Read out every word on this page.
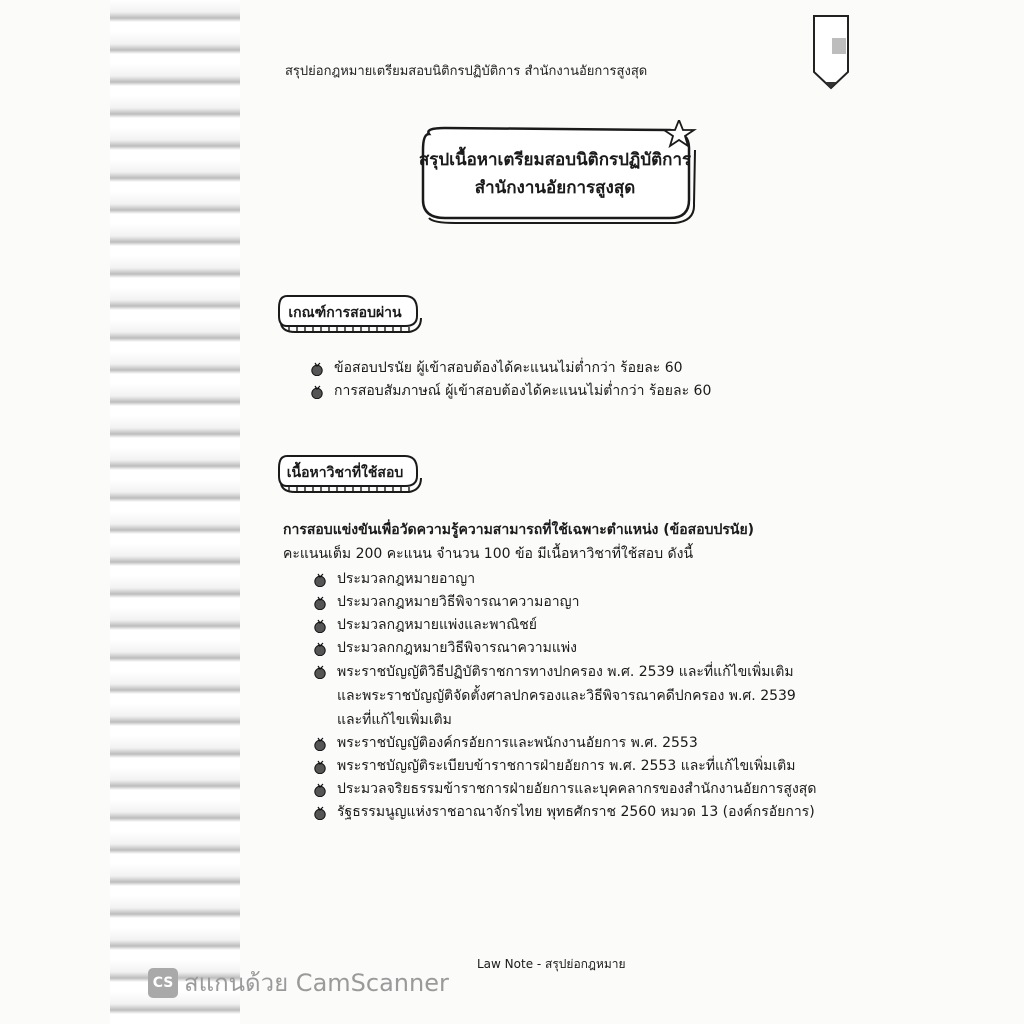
สรุปย่อกฎหมายเตรียมสอบนิติกรปฏิบัติการ สำนักงานอัยการสูงสุด
สรุปเนื้อหาเตรียมสอบนิติกรปฏิบัติการ
สำนักงานอัยการสูงสุด
เกณฑ์การสอบผ่าน
ข้อสอบปรนัย ผู้เข้าสอบต้องได้คะแนนไม่ต่ำกว่า ร้อยละ 60
การสอบสัมภาษณ์ ผู้เข้าสอบต้องได้คะแนนไม่ต่ำกว่า ร้อยละ 60
เนื้อหาวิชาที่ใช้สอบ
การสอบแข่งขันเพื่อวัดความรู้ความสามารถที่ใช้เฉพาะตำแหน่ง (ข้อสอบปรนัย)
คะแนนเต็ม 200 คะแนน จำนวน 100 ข้อ มีเนื้อหาวิชาที่ใช้สอบ ดังนี้
ประมวลกฎหมายอาญา
ประมวลกฎหมายวิธีพิจารณาความอาญา
ประมวลกฎหมายแพ่งและพาณิชย์
ประมวลกกฎหมายวิธีพิจารณาความแพ่ง
พระราชบัญญัติวิธีปฏิบัติราชการทางปกครอง พ.ศ. 2539 และที่แก้ไขเพิ่มเติม
และพระราชบัญญัติจัดตั้งศาลปกครองและวิธีพิจารณาคดีปกครอง พ.ศ. 2539
และที่แก้ไขเพิ่มเติม
พระราชบัญญัติองค์กรอัยการและพนักงานอัยการ พ.ศ. 2553
พระราชบัญญัติระเบียบข้าราชการฝ่ายอัยการ พ.ศ. 2553 และที่แก้ไขเพิ่มเติม
ประมวลจริยธรรมข้าราชการฝ่ายอัยการและบุคคลากรของสำนักงานอัยการสูงสุด
รัฐธรรมนูญแห่งราชอาณาจักรไทย พุทธศักราช 2560 หมวด 13 (องค์กรอัยการ)
Law Note - สรุปย่อกฎหมาย
CS สแกนด้วย CamScanner
